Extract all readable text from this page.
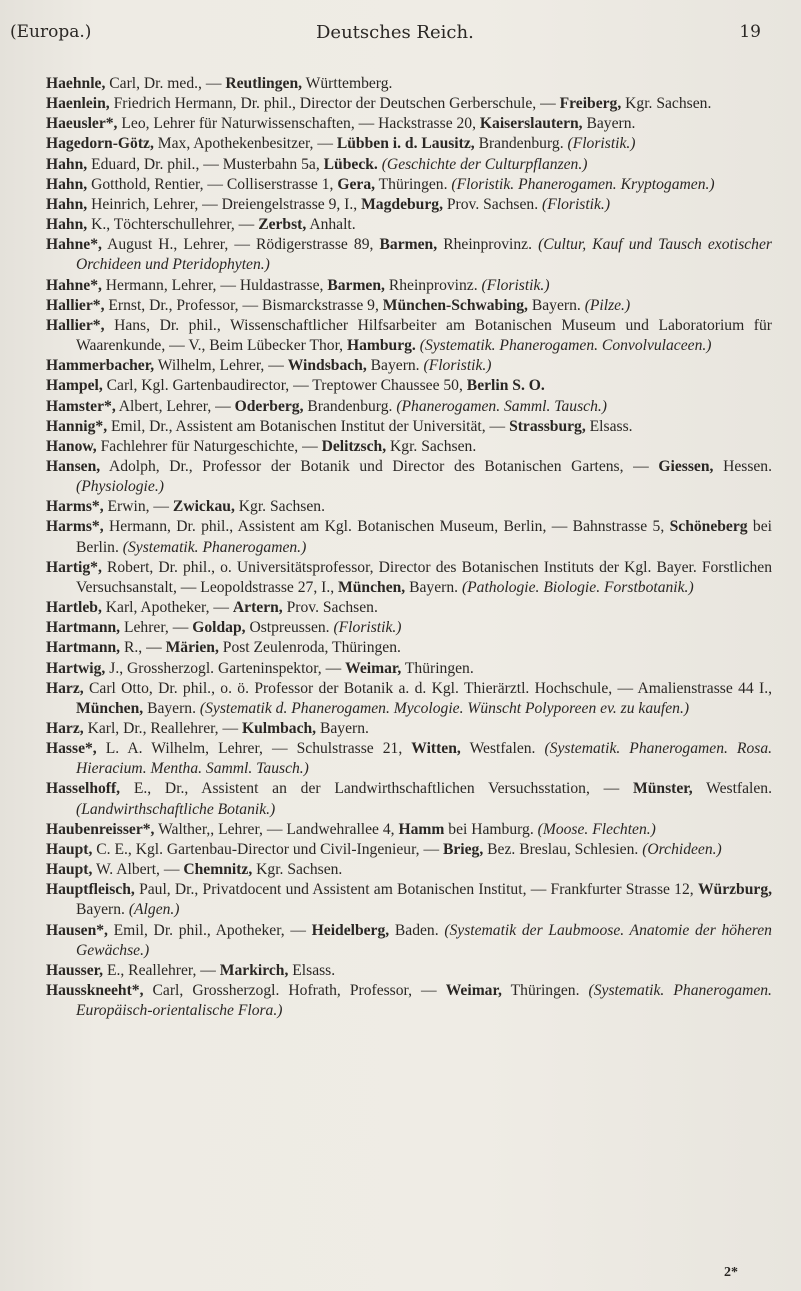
(Europa.)	Deutsches Reich.	19

Haehnle, Carl, Dr. med., — Reutlingen, Württemberg.

Haenlein, Friedrich Hermann, Dr. phil., Director der Deutschen Gerberschule, — Freiberg, Kgr. Sachsen.

Haeusler*, Leo, Lehrer für Naturwissenschaften, — Hackstrasse 20, Kaiserslautern, Bayern.

Hagedorn-Götz, Max, Apothekenbesitzer, — Lübben i. d. Lausitz, Brandenburg. (Floristik.)

Hahn, Eduard, Dr. phil., — Musterbahn 5a, Lübeck. (Geschichte der Culturpflanzen.)

Hahn, Gotthold, Rentier, — Colliserstrasse 1, Gera, Thüringen. (Floristik. Phanerogamen. Kryptogamen.)

Hahn, Heinrich, Lehrer, — Dreiengelstrasse 9, I., Magdeburg, Prov. Sachsen. (Floristik.)

Hahn, K., Töchterschullehrer, — Zerbst, Anhalt.

Hahne*, August H., Lehrer, — Rödigerstrasse 89, Barmen, Rheinprovinz. (Cultur, Kauf und Tausch exotischer Orchideen und Pteridophyten.)

Hahne*, Hermann, Lehrer, — Huldastrasse, Barmen, Rheinprovinz. (Floristik.)

Hallier*, Ernst, Dr., Professor, — Bismarckstrasse 9, München-Schwabing, Bayern. (Pilze.)

Hallier*, Hans, Dr. phil., Wissenschaftlicher Hilfsarbeiter am Botanischen Museum und Laboratorium für Waarenkunde, — V., Beim Lübecker Thor, Hamburg. (Systematik. Phanerogamen. Convolvulaceen.)

Hammerbacher, Wilhelm, Lehrer, — Windsbach, Bayern. (Floristik.)

Hampel, Carl, Kgl. Gartenbaudirector, — Treptower Chaussee 50, Berlin S. O.

Hamster*, Albert, Lehrer, — Oderberg, Brandenburg. (Phanerogamen. Samml. Tausch.)

Hannig*, Emil, Dr., Assistent am Botanischen Institut der Universität, — Strassburg, Elsass.

Hanow, Fachlehrer für Naturgeschichte, — Delitzsch, Kgr. Sachsen.

Hansen, Adolph, Dr., Professor der Botanik und Director des Botanischen Gartens, — Giessen, Hessen. (Physiologie.)

Harms*, Erwin, — Zwickau, Kgr. Sachsen.

Harms*, Hermann, Dr. phil., Assistent am Kgl. Botanischen Museum, Berlin, — Bahnstrasse 5, Schöneberg bei Berlin. (Systematik. Phanerogamen.)

Hartig*, Robert, Dr. phil., o. Universitätsprofessor, Director des Botanischen Instituts der Kgl. Bayer. Forstlichen Versuchsanstalt, — Leopoldstrasse 27, I., München, Bayern. (Pathologie. Biologie. Forstbotanik.)

Hartleb, Karl, Apotheker, — Artern, Prov. Sachsen.

Hartmann, Lehrer, — Goldap, Ostpreussen. (Floristik.)

Hartmann, R., — Märien, Post Zeulenroda, Thüringen.

Hartwig, J., Grossherzogl. Garteninspektor, — Weimar, Thüringen.

Harz, Carl Otto, Dr. phil., o. ö. Professor der Botanik a. d. Kgl. Thierärztl. Hochschule, — Amalienstrasse 44 I., München, Bayern. (Systematik d. Phanerogamen. Mycologie. Wünscht Polyporeen ev. zu kaufen.)

Harz, Karl, Dr., Reallehrer, — Kulmbach, Bayern.

Hasse*, L. A. Wilhelm, Lehrer, — Schulstrasse 21, Witten, Westfalen. (Systematik. Phanerogamen. Rosa. Hieracium. Mentha. Samml. Tausch.)

Hasselhoff, E., Dr., Assistent an der Landwirthschaftlichen Versuchsstation, — Münster, Westfalen. (Landwirthschaftliche Botanik.)

Haubenreisser*, Walther,, Lehrer, — Landwehrallee 4, Hamm bei Hamburg. (Moose. Flechten.)

Haupt, C. E., Kgl. Gartenbau-Director und Civil-Ingenieur, — Brieg, Bez. Breslau, Schlesien. (Orchideen.)

Haupt, W. Albert, — Chemnitz, Kgr. Sachsen.

Hauptfleisch, Paul, Dr., Privatdocent und Assistent am Botanischen Institut, — Frankfurter Strasse 12, Würzburg, Bayern. (Algen.)

Hausen*, Emil, Dr. phil., Apotheker, — Heidelberg, Baden. (Systematik der Laubmoose. Anatomie der höheren Gewächse.)

Hausser, E., Reallehrer, — Markirch, Elsass.

Hausskneeht*, Carl, Grossherzogl. Hofrath, Professor, — Weimar, Thüringen. (Systematik. Phanerogamen. Europäisch-orientalische Flora.)

2*
